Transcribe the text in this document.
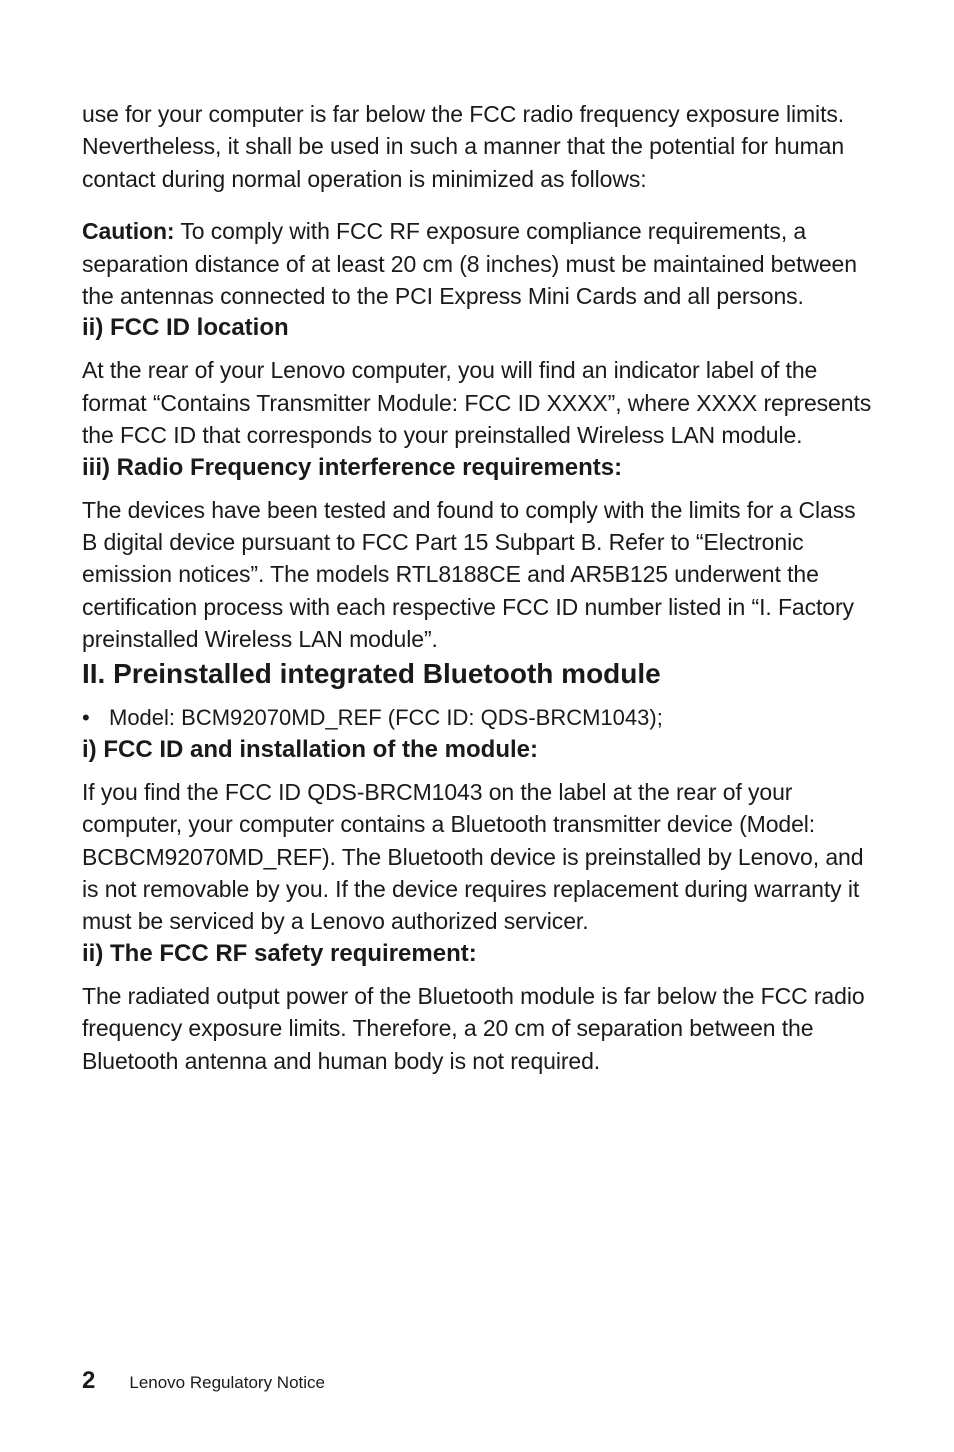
use for your computer is far below the FCC radio frequency exposure limits. Nevertheless, it shall be used in such a manner that the potential for human contact during normal operation is minimized as follows:

Caution: To comply with FCC RF exposure compliance requirements, a separation distance of at least 20 cm (8 inches) must be maintained between the antennas connected to the PCI Express Mini Cards and all persons.

ii) FCC ID location

At the rear of your Lenovo computer, you will find an indicator label of the format “Contains Transmitter Module: FCC ID XXXX”, where XXXX represents the FCC ID that corresponds to your preinstalled Wireless LAN module.

iii) Radio Frequency interference requirements:

The devices have been tested and found to comply with the limits for a Class B digital device pursuant to FCC Part 15 Subpart B. Refer to “Electronic emission notices”. The models RTL8188CE and AR5B125 underwent the certification process with each respective FCC ID number listed in “I. Factory preinstalled Wireless LAN module”.

II. Preinstalled integrated Bluetooth module
• Model: BCM92070MD_REF (FCC ID: QDS-BRCM1043);
i) FCC ID and installation of the module:

If you find the FCC ID QDS-BRCM1043 on the label at the rear of your computer, your computer contains a Bluetooth transmitter device (Model: BCBCM92070MD_REF). The Bluetooth device is preinstalled by Lenovo, and is not removable by you. If the device requires replacement during warranty it must be serviced by a Lenovo authorized servicer.

ii) The FCC RF safety requirement:

The radiated output power of the Bluetooth module is far below the FCC radio frequency exposure limits. Therefore, a 20 cm of separation between the Bluetooth antenna and human body is not required.

2 Lenovo Regulatory Notice
